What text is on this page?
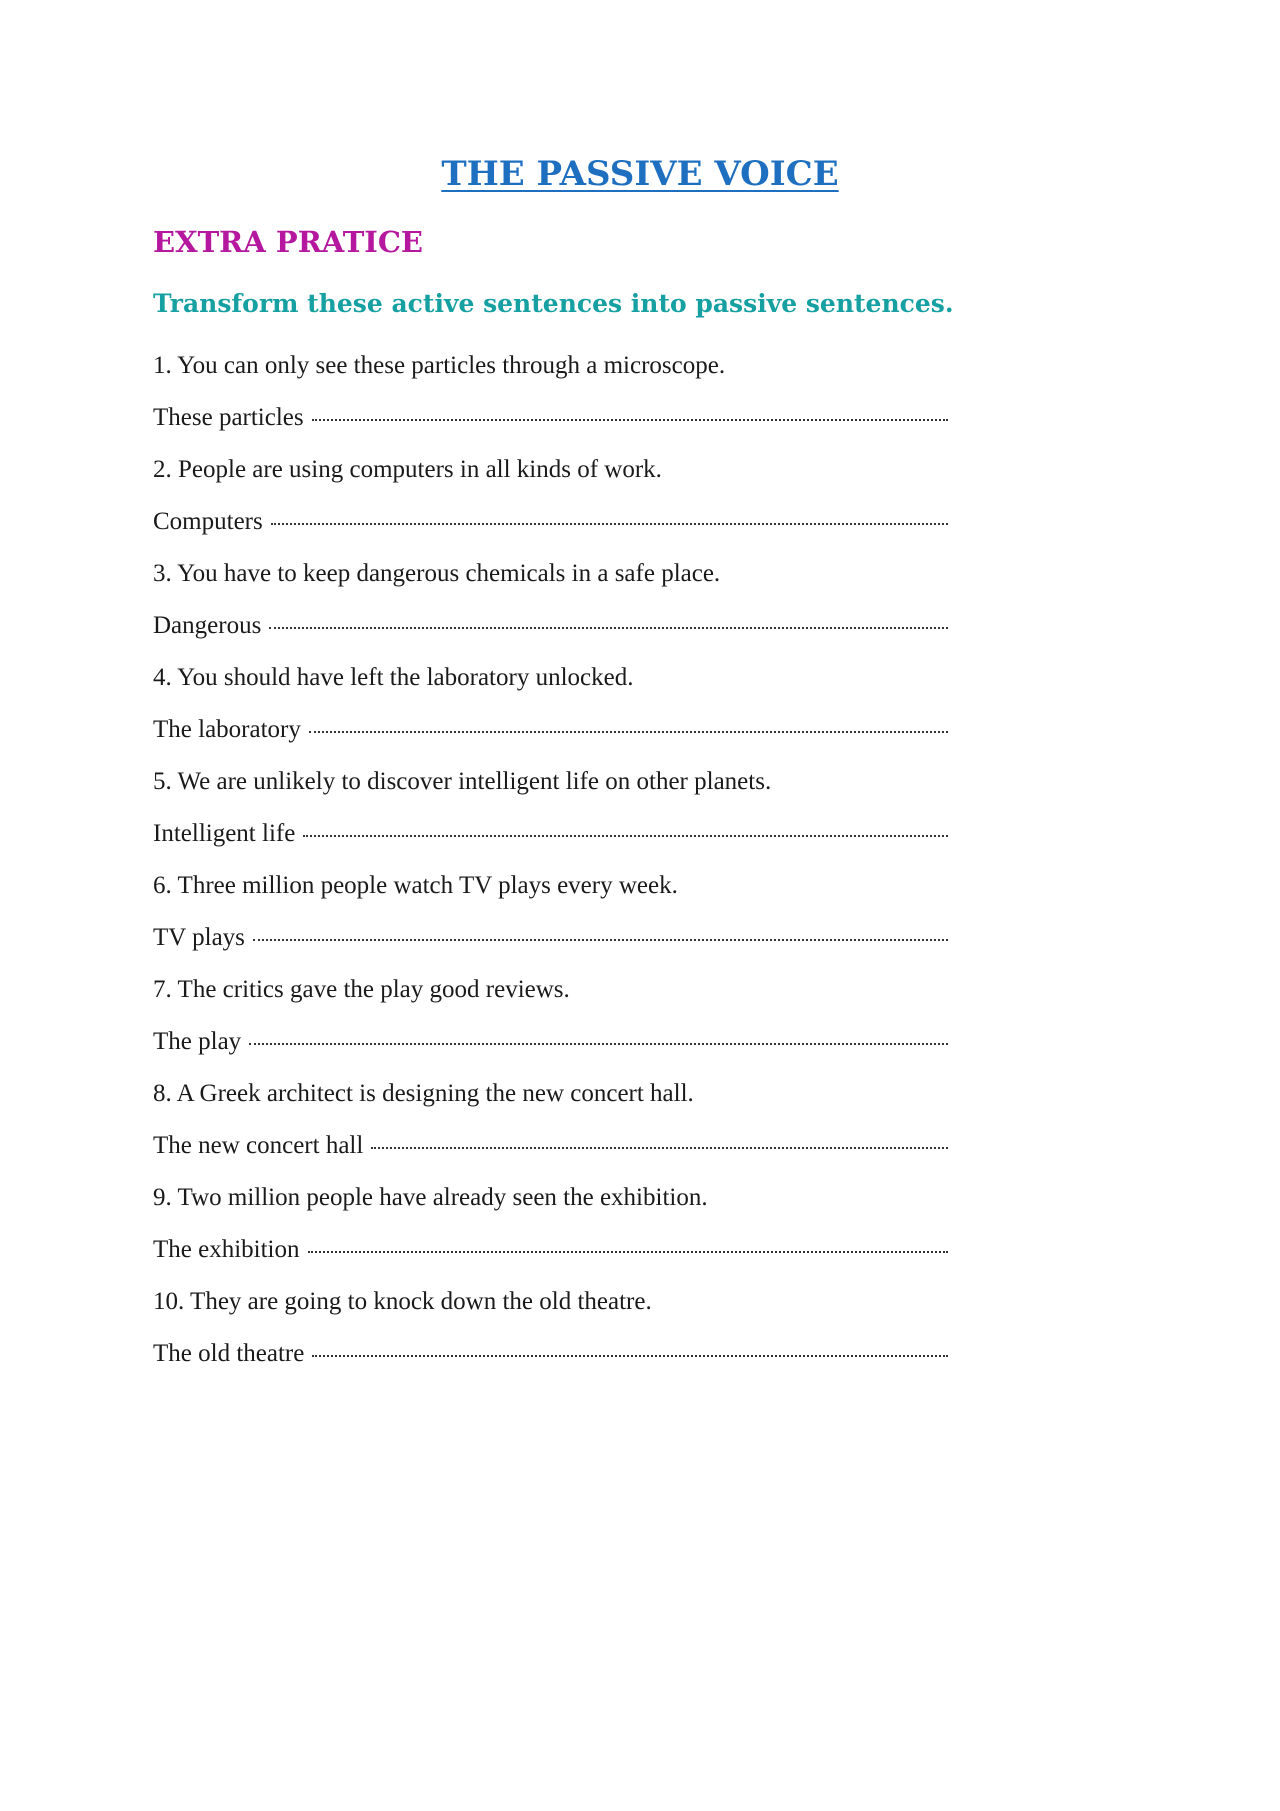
THE PASSIVE VOICE
EXTRA PRATICE
Transform these active sentences into passive sentences.
1. You can only see these particles through a microscope.
These particles
2. People are using computers in all kinds of work.
Computers
3. You have to keep dangerous chemicals in a safe place.
Dangerous
4. You should have left the laboratory unlocked.
The laboratory
5. We are unlikely to discover intelligent life on other planets.
Intelligent life
6. Three million people watch TV plays every week.
TV plays
7. The critics gave the play good reviews.
The play
8. A Greek architect is designing the new concert hall.
The new concert hall
9. Two million people have already seen the exhibition.
The exhibition
10. They are going to knock down the old theatre.
The old theatre
